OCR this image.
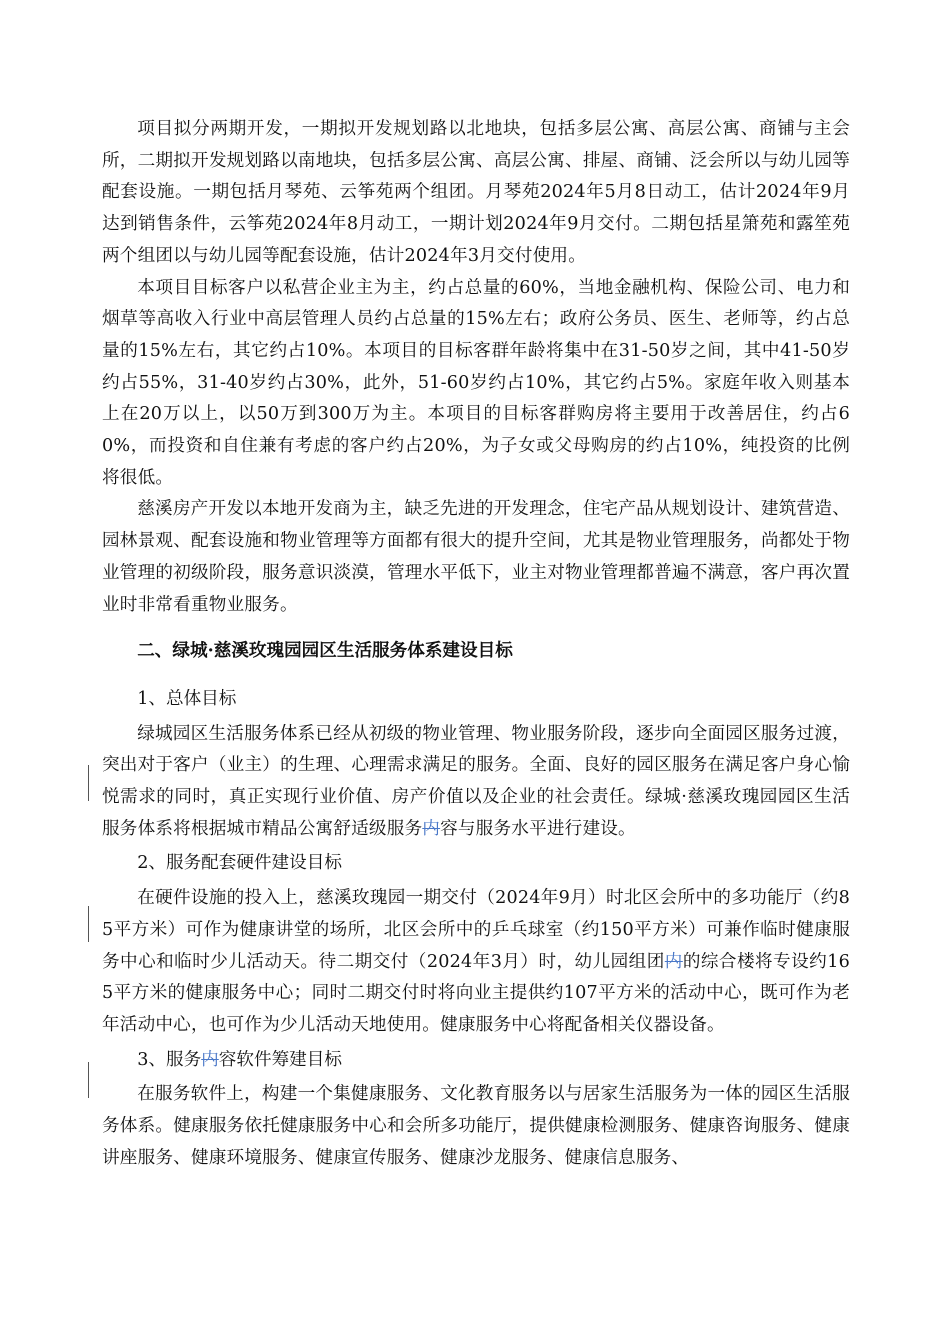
项目拟分两期开发，一期拟开发规划路以北地块，包括多层公寓、高层公寓、商铺与主会所，二期拟开发规划路以南地块，包括多层公寓、高层公寓、排屋、商铺、泛会所以与幼儿园等配套设施。一期包括月琴苑、云筝苑两个组团。月琴苑2024年5月8日动工，估计2024年9月达到销售条件，云筝苑2024年8月动工，一期计划2024年9月交付。二期包括星箫苑和露笙苑两个组团以与幼儿园等配套设施，估计2024年3月交付使用。

本项目目标客户以私营企业主为主，约占总量的60%，当地金融机构、保险公司、电力和烟草等高收入行业中高层管理人员约占总量的15%左右；政府公务员、医生、老师等，约占总量的15%左右，其它约占10%。本项目的目标客群年龄将集中在31-50岁之间，其中41-50岁约占55%，31-40岁约占30%，此外，51-60岁约占10%，其它约占5%。家庭年收入则基本上在20万以上，以50万到300万为主。本项目的目标客群购房将主要用于改善居住，约占60%，而投资和自住兼有考虑的客户约占20%，为子女或父母购房的约占10%，纯投资的比例将很低。

慈溪房产开发以本地开发商为主，缺乏先进的开发理念，住宅产品从规划设计、建筑营造、园林景观、配套设施和物业管理等方面都有很大的提升空间，尤其是物业管理服务，尚都处于物业管理的初级阶段，服务意识淡漠，管理水平低下，业主对物业管理都普遍不满意，客户再次置业时非常看重物业服务。

二、绿城·慈溪玫瑰园园区生活服务体系建设目标

1、总体目标

绿城园区生活服务体系已经从初级的物业管理、物业服务阶段，逐步向全面园区服务过渡，突出对于客户（业主）的生理、心理需求满足的服务。全面、良好的园区服务在满足客户身心愉悦需求的同时，真正实现行业价值、房产价值以及企业的社会责任。绿城·慈溪玫瑰园园区生活服务体系将根据城市精品公寓舒适级服务内容与服务水平进行建设。

2、服务配套硬件建设目标

在硬件设施的投入上，慈溪玫瑰园一期交付（2024年9月）时北区会所中的多功能厅（约85平方米）可作为健康讲堂的场所，北区会所中的乒乓球室（约150平方米）可兼作临时健康服务中心和临时少儿活动天。待二期交付（2024年3月）时，幼儿园组团内的综合楼将专设约165平方米的健康服务中心；同时二期交付时将向业主提供约107平方米的活动中心，既可作为老年活动中心，也可作为少儿活动天地使用。健康服务中心将配备相关仪器设备。

3、服务内容软件筹建目标

在服务软件上，构建一个集健康服务、文化教育服务以与居家生活服务为一体的园区生活服务体系。健康服务依托健康服务中心和会所多功能厅，提供健康检测服务、健康咨询服务、健康讲座服务、健康环境服务、健康宣传服务、健康沙龙服务、健康信息服务、
